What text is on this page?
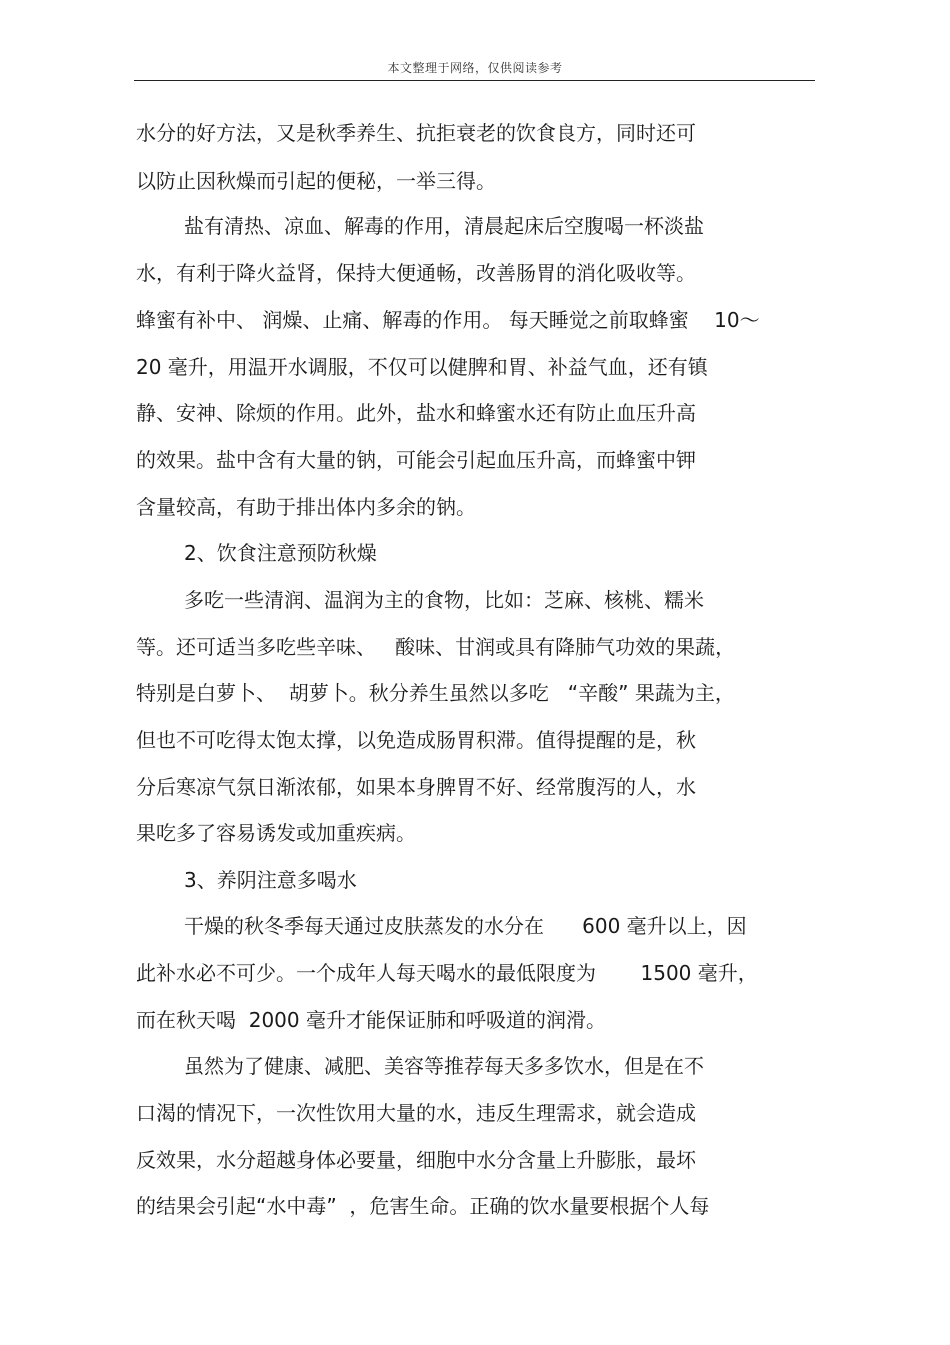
本文整理于网络，仅供阅读参考
水分的好方法，又是秋季养生、抗拒衰老的饮食良方，同时还可
以防止因秋燥而引起的便秘，一举三得。
盐有清热、凉血、解毒的作用，清晨起床后空腹喝一杯淡盐
水，有利于降火益肾，保持大便通畅，改善肠胃的消化吸收等。
蜂蜜有补中、 润燥、止痛、解毒的作用。 每天睡觉之前取蜂蜜    10～
20 毫升，用温开水调服，不仅可以健脾和胃、补益气血，还有镇
静、安神、除烦的作用。此外，盐水和蜂蜜水还有防止血压升高
的效果。盐中含有大量的钠，可能会引起血压升高，而蜂蜜中钾
含量较高，有助于排出体内多余的钠。
2、饮食注意预防秋燥
多吃一些清润、温润为主的食物，比如：芝麻、核桃、糯米
等。还可适当多吃些辛味、   酸味、甘润或具有降肺气功效的果蔬，
特别是白萝卜、  胡萝卜。秋分养生虽然以多吃   “辛酸” 果蔬为主，
但也不可吃得太饱太撑，以免造成肠胃积滞。值得提醒的是，秋
分后寒凉气氛日渐浓郁，如果本身脾胃不好、经常腹泻的人，水
果吃多了容易诱发或加重疾病。
3、养阴注意多喝水
干燥的秋冬季每天通过皮肤蒸发的水分在      600 毫升以上，因
此补水必不可少。一个成年人每天喝水的最低限度为       1500 毫升，
而在秋天喝  2000 毫升才能保证肺和呼吸道的润滑。
虽然为了健康、减肥、美容等推荐每天多多饮水，但是在不
口渴的情况下，一次性饮用大量的水，违反生理需求，就会造成
反效果，水分超越身体必要量，细胞中水分含量上升膨胀，最坏
的结果会引起“水中毒”  ，危害生命。正确的饮水量要根据个人每
